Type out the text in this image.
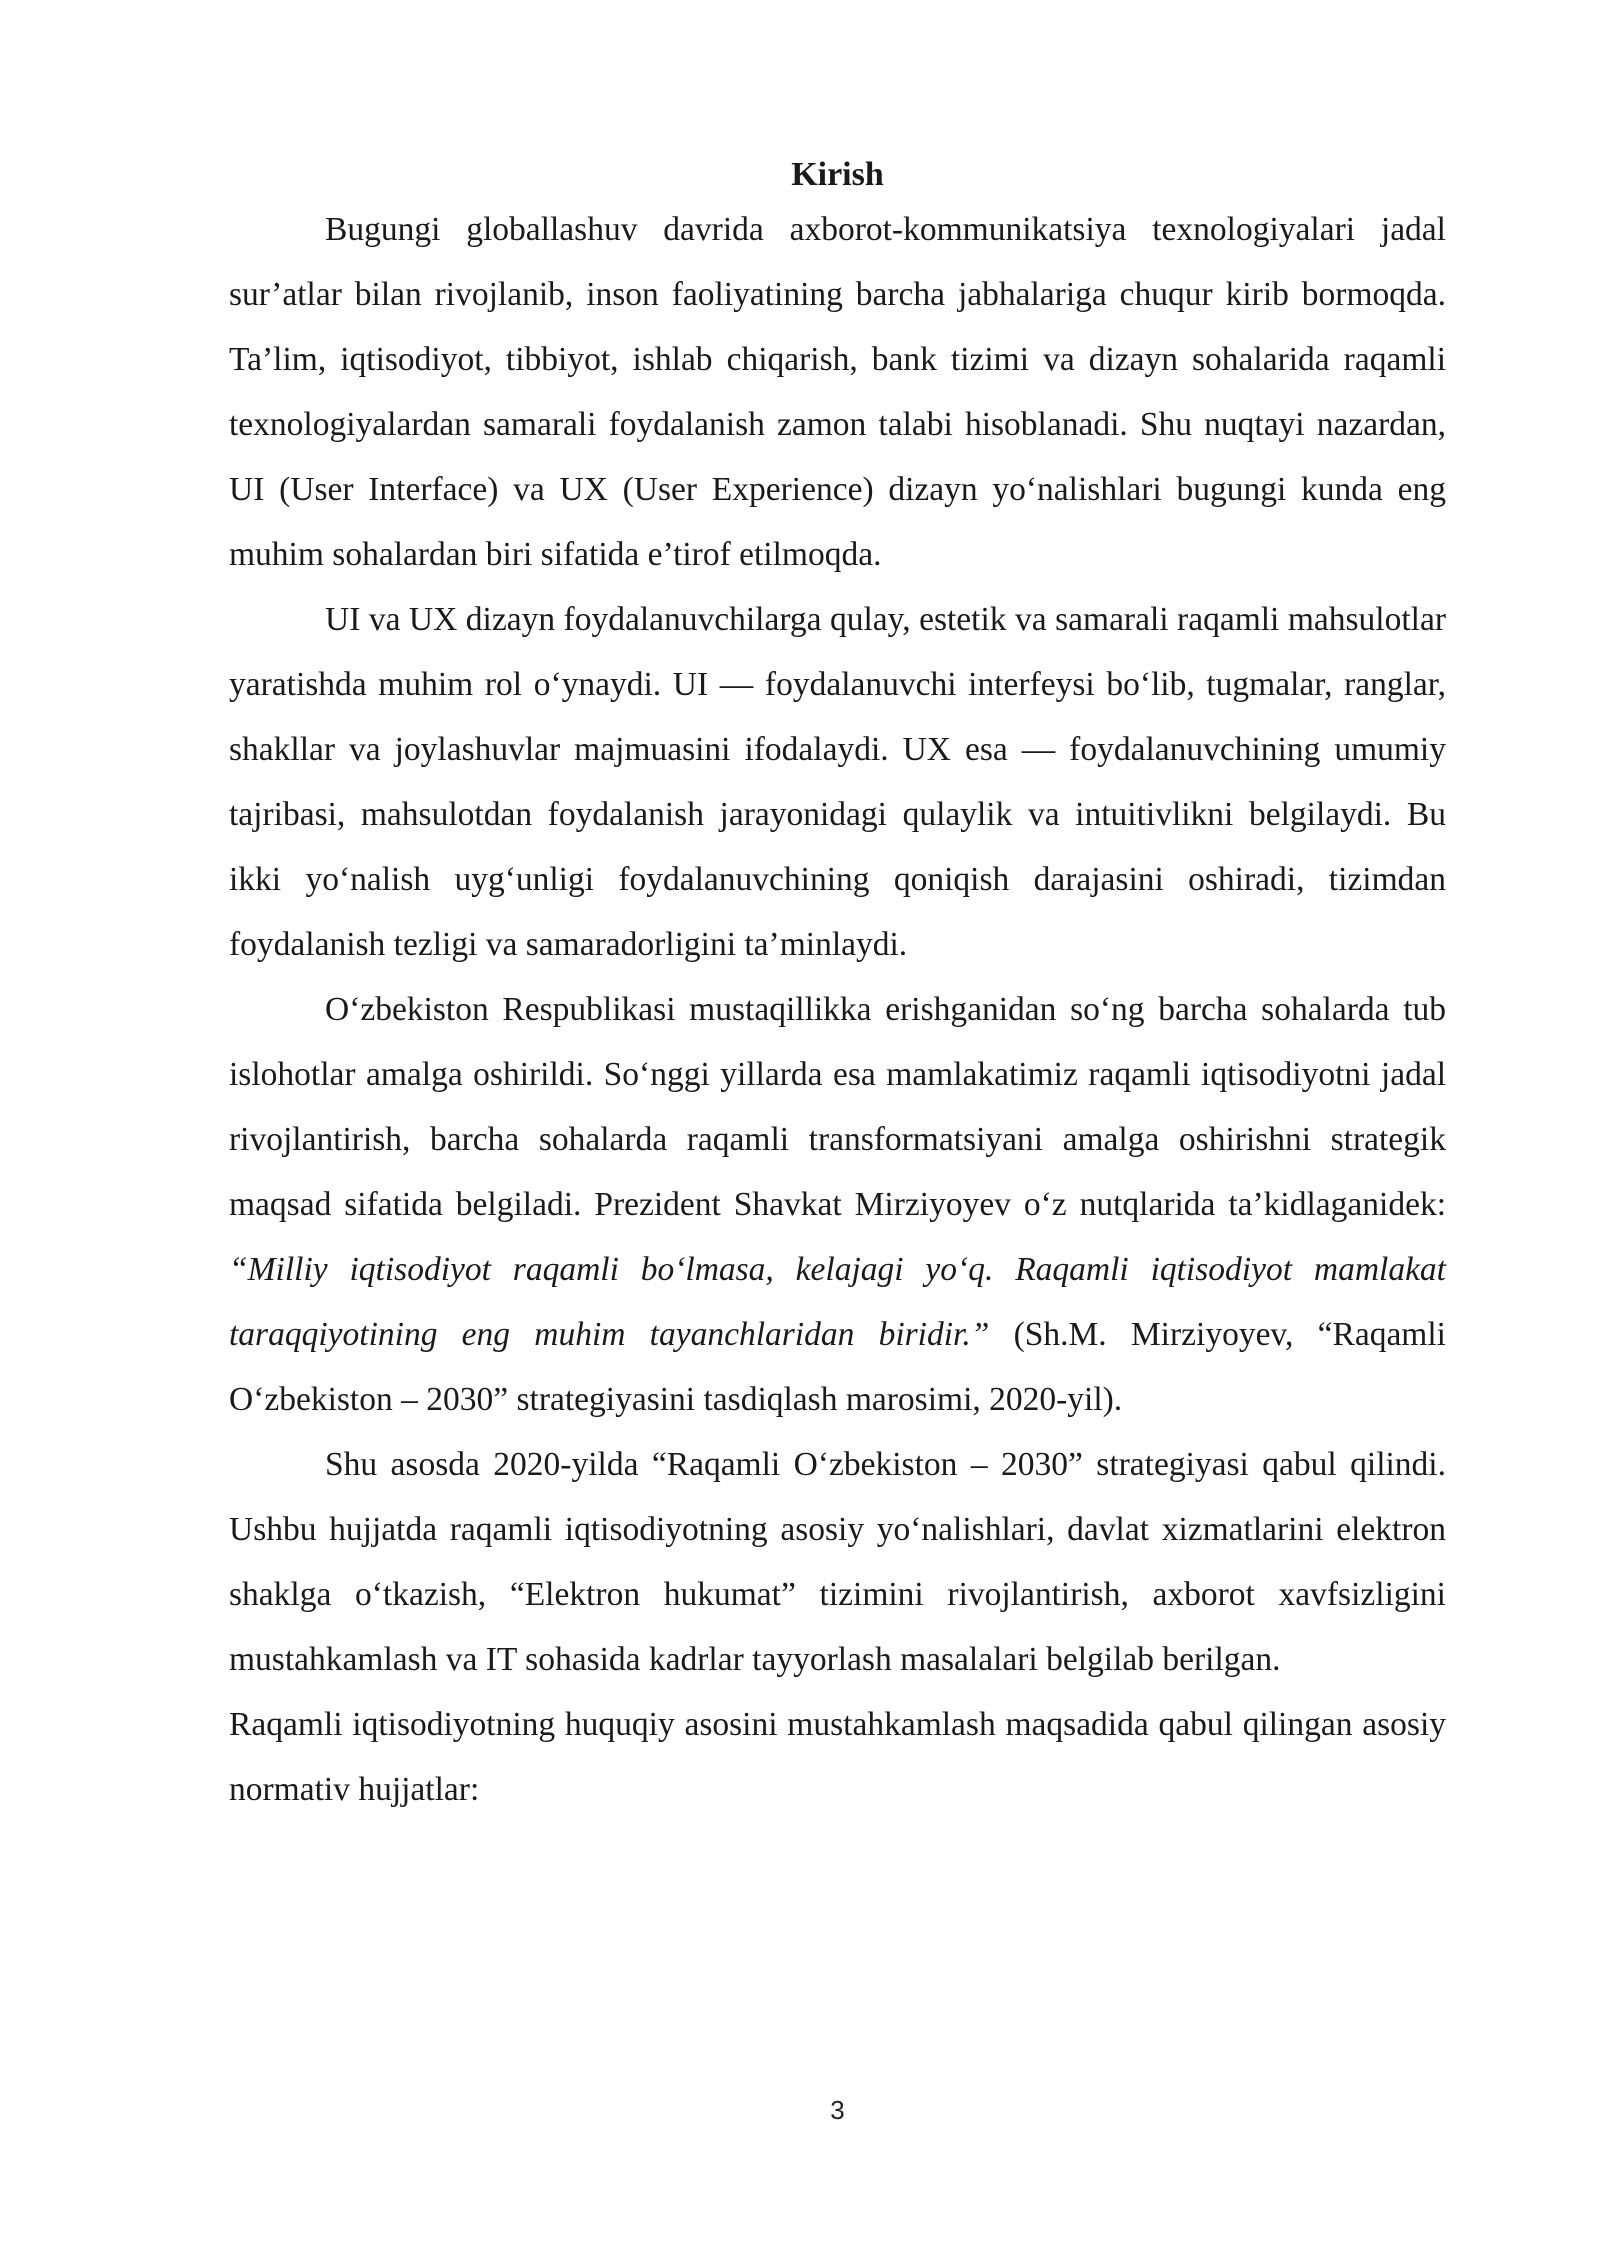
Kirish

Bugungi globallashuv davrida axborot-kommunikatsiya texnologiyalari jadal sur’atlar bilan rivojlanib, inson faoliyatining barcha jabhalariga chuqur kirib bormoqda. Ta’lim, iqtisodiyot, tibbiyot, ishlab chiqarish, bank tizimi va dizayn sohalarida raqamli texnologiyalardan samarali foydalanish zamon talabi hisoblanadi. Shu nuqtayi nazardan, UI (User Interface) va UX (User Experience) dizayn yo‘nalishlari bugungi kunda eng muhim sohalardan biri sifatida e’tirof etilmoqda.

UI va UX dizayn foydalanuvchilarga qulay, estetik va samarali raqamli mahsulotlar yaratishda muhim rol o‘ynaydi. UI — foydalanuvchi interfeysi bo‘lib, tugmalar, ranglar, shakllar va joylashuvlar majmuasini ifodalaydi. UX esa — foydalanuvchining umumiy tajribasi, mahsulotdan foydalanish jarayonidagi qulaylik va intuitivlikni belgilaydi. Bu ikki yo‘nalish uyg‘unligi foydalanuvchining qoniqish darajasini oshiradi, tizimdan foydalanish tezligi va samaradorligini ta’minlaydi.

O‘zbekiston Respublikasi mustaqillikka erishganidan so‘ng barcha sohalarda tub islohotlar amalga oshirildi. So‘nggi yillarda esa mamlakatimiz raqamli iqtisodiyotni jadal rivojlantirish, barcha sohalarda raqamli transformatsiyani amalga oshirishni strategik maqsad sifatida belgiladi. Prezident Shavkat Mirziyoyev o‘z nutqlarida ta’kidlaganidek: “Milliy iqtisodiyot raqamli bo‘lmasa, kelajagi yo‘q. Raqamli iqtisodiyot mamlakat taraqqiyotining eng muhim tayanchlaridan biridir.” (Sh.M. Mirziyoyev, “Raqamli O‘zbekiston – 2030” strategiyasini tasdiqlash marosimi, 2020-yil).

Shu asosda 2020-yilda “Raqamli O‘zbekiston – 2030” strategiyasi qabul qilindi. Ushbu hujjatda raqamli iqtisodiyotning asosiy yo‘nalishlari, davlat xizmatlarini elektron shaklga o‘tkazish, “Elektron hukumat” tizimini rivojlantirish, axborot xavfsizligini mustahkamlash va IT sohasida kadrlar tayyorlash masalalari belgilab berilgan.

Raqamli iqtisodiyotning huquqiy asosini mustahkamlash maqsadida qabul qilingan asosiy normativ hujjatlar:

3
